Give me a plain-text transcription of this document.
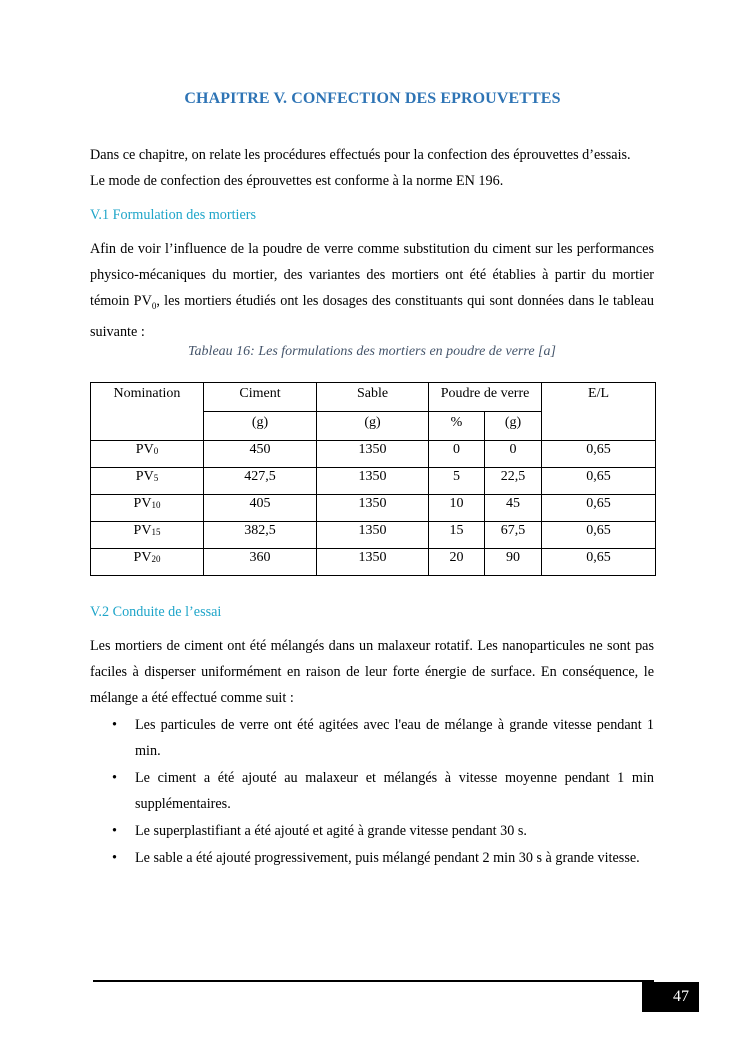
CHAPITRE V. CONFECTION DES EPROUVETTES

Dans ce chapitre, on relate les procédures effectués pour la confection des éprouvettes d’essais.
Le mode de confection des éprouvettes est conforme à la norme EN 196.

V.1 Formulation des mortiers

Afin de voir l’influence de la poudre de verre comme substitution du ciment sur les performances physico-mécaniques du mortier, des variantes des mortiers ont été établies à partir du mortier témoin $PV_0$, les mortiers étudiés ont les dosages des constituants qui sont données dans le tableau suivante :

Tableau 16: Les formulations des mortiers en poudre de verre [a]
Nomination	Ciment	Sable	Poudre de verre		E/L
	(g)	(g)	%	(g)	
$PV_0$	450	1350	0	0	0,65
$PV_5$	427,5	1350	5	22,5	0,65
$PV_{10}$	405	1350	10	45	0,65
$PV_{15}$	382,5	1350	15	67,5	0,65
$PV_{20}$	360	1350	20	90	0,65

V.2 Conduite de l’essai

Les mortiers de ciment ont été mélangés dans un malaxeur rotatif. Les nanoparticules ne sont pas faciles à disperser uniformément en raison de leur forte énergie de surface. En conséquence, le mélange a été effectué comme suit :

• Les particules de verre ont été agitées avec l'eau de mélange à grande vitesse pendant 1 min.
• Le ciment a été ajouté au malaxeur et mélangés à vitesse moyenne pendant 1 min supplémentaires.
• Le superplastifiant a été ajouté et agité à grande vitesse pendant 30 s.
• Le sable a été ajouté progressivement, puis mélangé pendant 2 min 30 s à grande vitesse.
47
